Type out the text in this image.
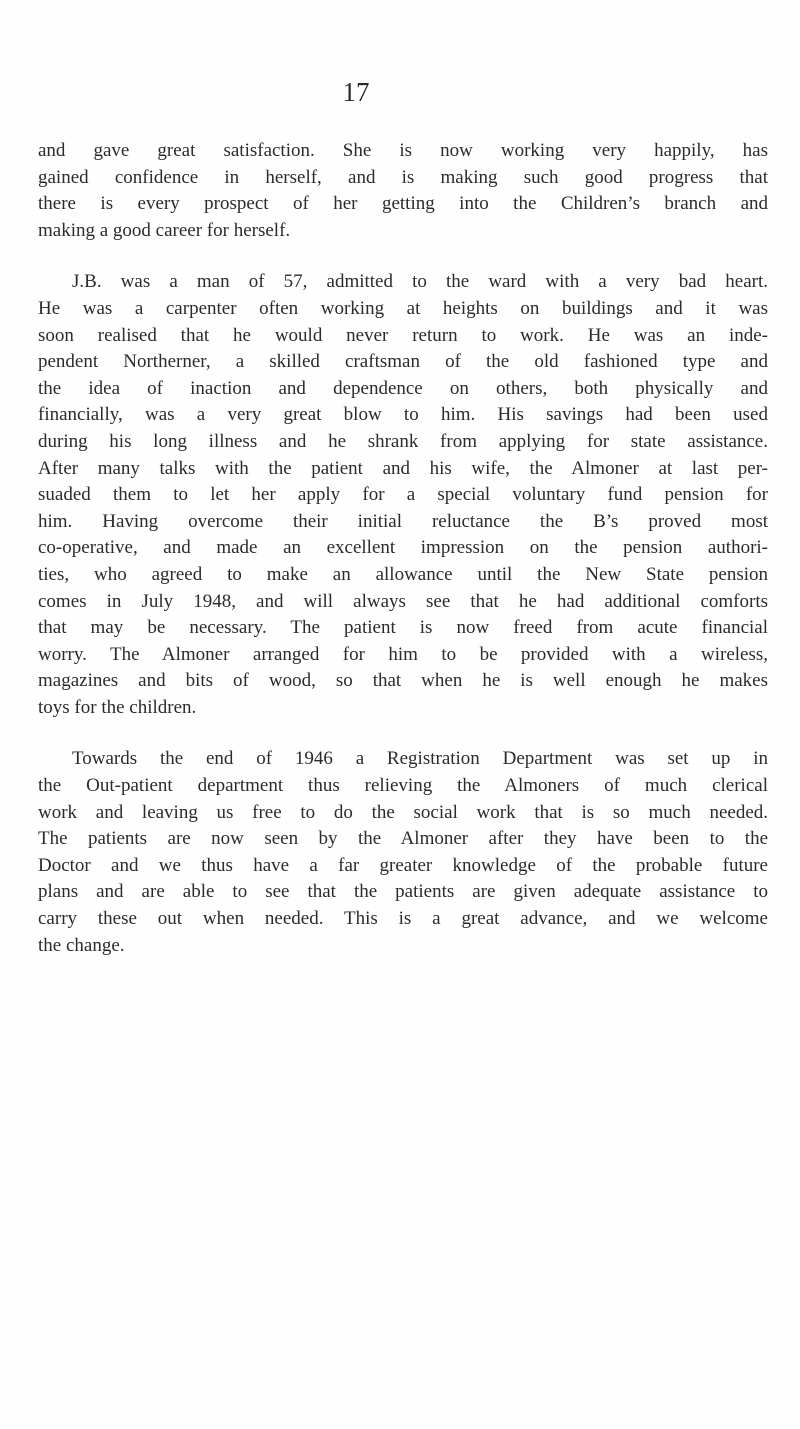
17

and gave great satisfaction. She is now working very happily, has
gained confidence in herself, and is making such good progress that
there is every prospect of her getting into the Children’s branch and
making a good career for herself.

J.B. was a man of 57, admitted to the ward with a very bad heart.
He was a carpenter often working at heights on buildings and it was
soon realised that he would never return to work. He was an inde-
pendent Northerner, a skilled craftsman of the old fashioned type and
the idea of inaction and dependence on others, both physically and
financially, was a very great blow to him. His savings had been used
during his long illness and he shrank from applying for state assistance.
After many talks with the patient and his wife, the Almoner at last per-
suaded them to let her apply for a special voluntary fund pension for
him. Having overcome their initial reluctance the B’s proved most
co-operative, and made an excellent impression on the pension authori-
ties, who agreed to make an allowance until the New State pension
comes in July 1948, and will always see that he had additional comforts
that may be necessary. The patient is now freed from acute financial
worry. The Almoner arranged for him to be provided with a wireless,
magazines and bits of wood, so that when he is well enough he makes
toys for the children.

Towards the end of 1946 a Registration Department was set up in
the Out-patient department thus relieving the Almoners of much clerical
work and leaving us free to do the social work that is so much needed.
The patients are now seen by the Almoner after they have been to the
Doctor and we thus have a far greater knowledge of the probable future
plans and are able to see that the patients are given adequate assistance to
carry these out when needed. This is a great advance, and we welcome
the change.
